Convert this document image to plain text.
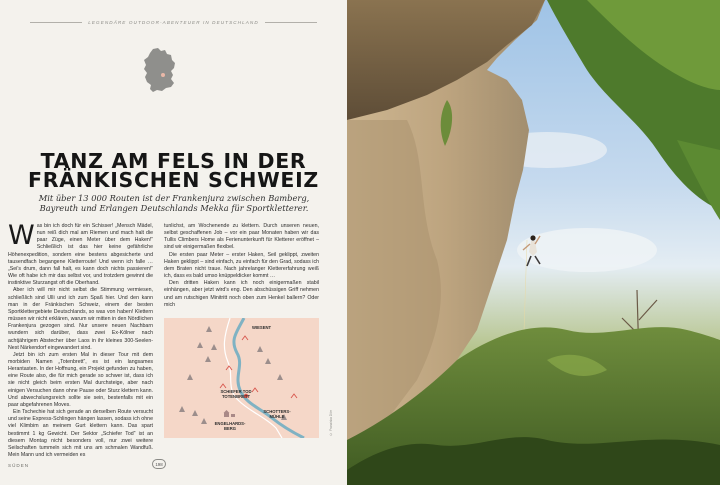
LEGENDÄRE OUTDOOR-ABENTEUER IN DEUTSCHLAND
TANZ AM FELS IN DER
FRÄNKISCHEN SCHWEIZ
Mit über 13 000 Routen ist der Frankenjura zwischen Bamberg, Bayreuth und Erlangen Deutschlands Mekka für Sportkletterer.
W as bin ich doch für ein Schisser! „Mensch Mädel, nun reiß dich mal am Riemen und mach halt die paar Züge, einen Meter über dem Haken!“ Schließlich ist das hier keine gefährliche Höhenexpedition, sondern eine bestens abgesicherte und tausendfach begangene Kletterroute! Und wenn ich falle … „Sei's drum, dann fall halt, es kann doch nichts passieren!“ Wie oft habe ich mir das selbst vor, und trotzdem gewinnt die instinktive Sturzangst oft die Oberhand.

Aber ich will mir nicht selbst die Stimmung vermiesen, schließlich sind Ulli und ich zum Spaß hier. Und den kann man in der Fränkischen Schweiz, einem der besten Sportklettergebiete Deutschlands, so was von haben! Klettern müssen wir nicht erklären, warum wir mitten in den Nördlichen Frankenjura gezogen sind. Nur unsere neuen Nachbarn wundern sich darüber, dass zwei Ex-Kölner nach achtjährigem Abstecher über Laos in ihr kleines 300-Seelen-Nest Närkendorf eingewandert sind.

Jetzt bin ich zum ersten Mal in dieser Tour mit dem morbiden Namen „Totenbrett“, es ist ein langsames Herantasten. In der Hoffnung, ein Projekt gefunden zu haben, eine Route also, die für mich gerade so schwer ist, dass ich sie nicht gleich beim ersten Mal durchsteige, aber nach einigen Versuchen dann ohne Pause oder Sturz klettern kann. Und abwechslungsreich sollte sie sein, bestenfalls mit ein paar abgefahrenen Moves.

Ein Tschechie hat sich gerade an derselben Route versucht und seine Express-Schlingen hängen lassen, sodass ich ohne viel Klimbim an meinem Gurt klettern kann. Das spart bestimmt 1 kg Gewicht. Der Sektor „Schiefer Tod“ ist an diesem Montag nicht besonders voll, nur zwei weitere Seilschaften tummeln sich mit uns am schmalen Wandfuß. Mein Mann und ich vermeiden es

tunlichst, am Wochenende zu klettern. Durch unseren neuen, selbst geschaffenen Job – vor ein paar Monaten haben wir das Tullis Climbers Home als Ferienunterkunft für Kletterer eröffnet – sind wir einigermaßen flexibel.

Die ersten paar Meter – erster Haken, Seil geklippt, zweiten Haken geklippt – sind einfach, zu einfach für den Grad, sodass ich dem Braten nicht traue. Nach jahrelanger Klettererfahrung weiß ich, dass es bald umso knüppeldicker kommt …

Den dritten Haken kann ich noch einigermaßen stabil einhängen, aber jetzt wird's eng. Den abschüssigen Griff nehmen und am rutschigen Minitritt noch oben zum Henkel ballern? Oder mich

WIESENT
SCHIEFER TOD
TOTENBRETT
ENGELHARDS-
BERG
SCHOTTERS-
MÜHLE
SÜDEN	198
© Franziska Dörr
